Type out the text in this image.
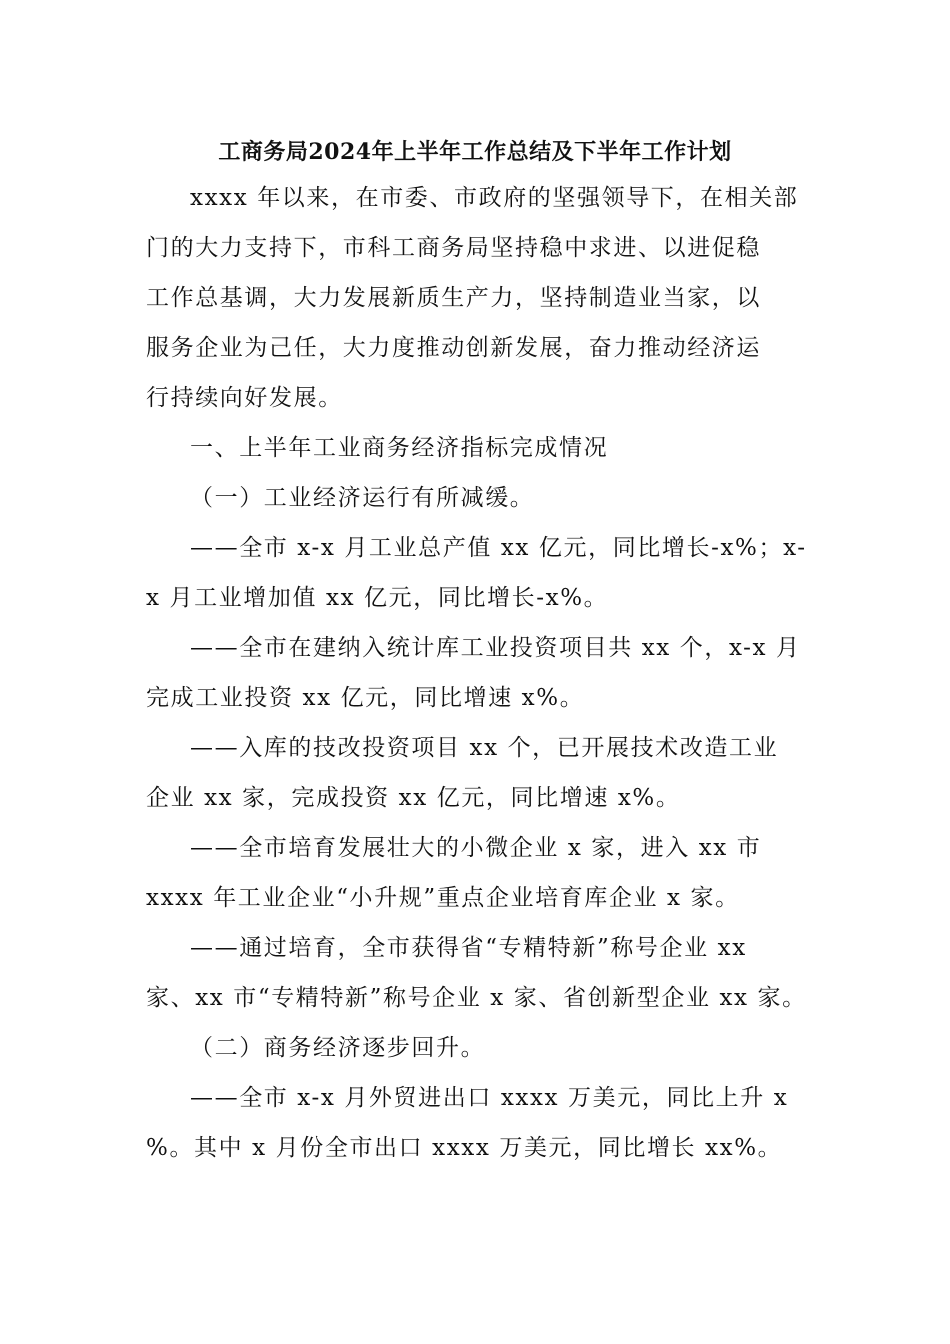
工商务局2024年上半年工作总结及下半年工作计划
xxxx 年以来，在市委、市政府的坚强领导下，在相关部
门的大力支持下，市科工商务局坚持稳中求进、以进促稳
工作总基调，大力发展新质生产力，坚持制造业当家，以
服务企业为己任，大力度推动创新发展，奋力推动经济运
行持续向好发展。
一、上半年工业商务经济指标完成情况
（一）工业经济运行有所减缓。
——全市 x-x 月工业总产值 xx 亿元，同比增长-x%；x-
x 月工业增加值 xx 亿元，同比增长-x%。
——全市在建纳入统计库工业投资项目共 xx 个，x-x 月
完成工业投资 xx 亿元，同比增速 x%。
——入库的技改投资项目 xx 个，已开展技术改造工业
企业 xx 家，完成投资 xx 亿元，同比增速 x%。
——全市培育发展壮大的小微企业 x 家，进入 xx 市
xxxx 年工业企业“小升规”重点企业培育库企业 x 家。
——通过培育，全市获得省“专精特新”称号企业 xx
家、xx 市“专精特新”称号企业 x 家、省创新型企业 xx 家。
（二）商务经济逐步回升。
——全市 x-x 月外贸进出口 xxxx 万美元，同比上升 x
%。其中 x 月份全市出口 xxxx 万美元，同比增长 xx%。
